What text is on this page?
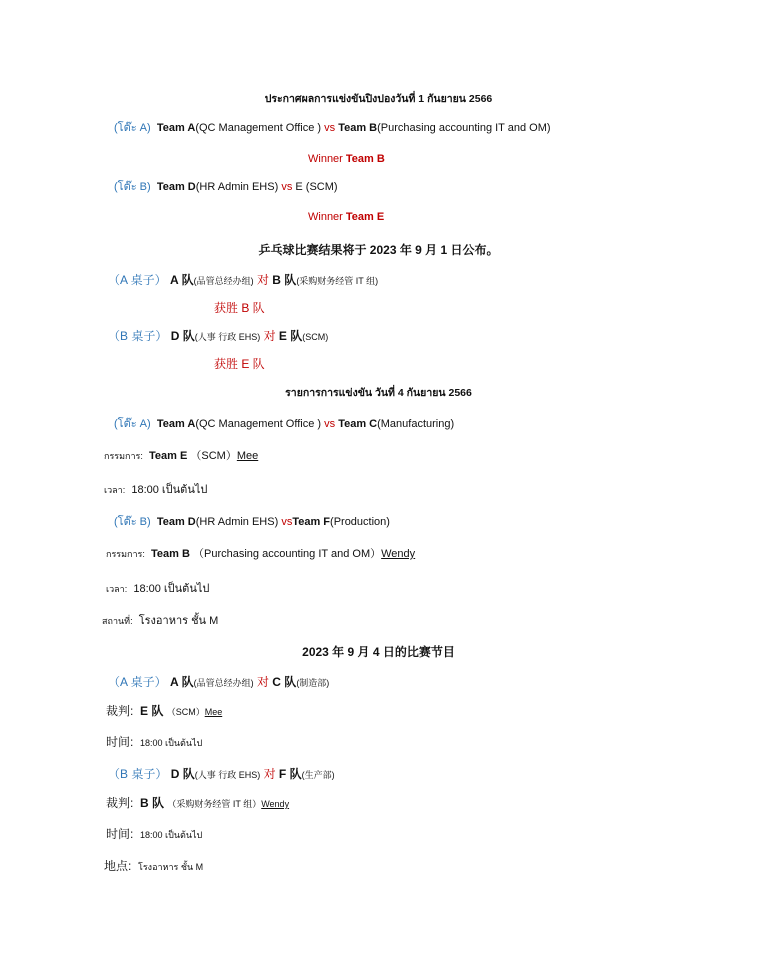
ประกาศผลการแข่งขันปิงปองวันที่ 1 กันยายน 2566
(โต๊ะ A) Team A(QC Management Office ) vs Team B(Purchasing accounting IT and OM)
Winner Team B
(โต๊ะ B) Team D(HR Admin EHS) vs E (SCM)
Winner Team E
乒乓球比赛结果将于 2023 年 9 月 1 日公布。
（A 桌子） A 队(品管总经办组) 对 B 队(采购财务经管 IT 组)
获胜 B 队
（B 桌子） D 队(人事 行政 EHS) 对 E 队(SCM)
获胜 E 队
รายการการแข่งขัน วันที่ 4 กันยายน 2566
(โต๊ะ A) Team A(QC Management Office ) vs Team C(Manufacturing)
กรรมการ: Team E （SCM）Mee
เวลา: 18:00 เป็นต้นไป
(โต๊ะ B) Team D(HR Admin EHS) vsTeam F(Production)
กรรมการ: Team B （Purchasing accounting IT and OM）Wendy
เวลา: 18:00 เป็นต้นไป
สถานที่: โรงอาหาร ชั้น M
2023 年 9 月 4 日的比赛节目
（A 桌子） A 队(品管总经办组) 对 C 队(制造部)
裁判: E 队 （SCM）Mee
时间: 18:00 เป็นต้นไป
（B 桌子） D 队(人事 行政 EHS) 对 F 队(生产部)
裁判: B 队 （采购财务经管 IT 组）Wendy
时间: 18:00 เป็นต้นไป
地点: โรงอาหาร ชั้น M
